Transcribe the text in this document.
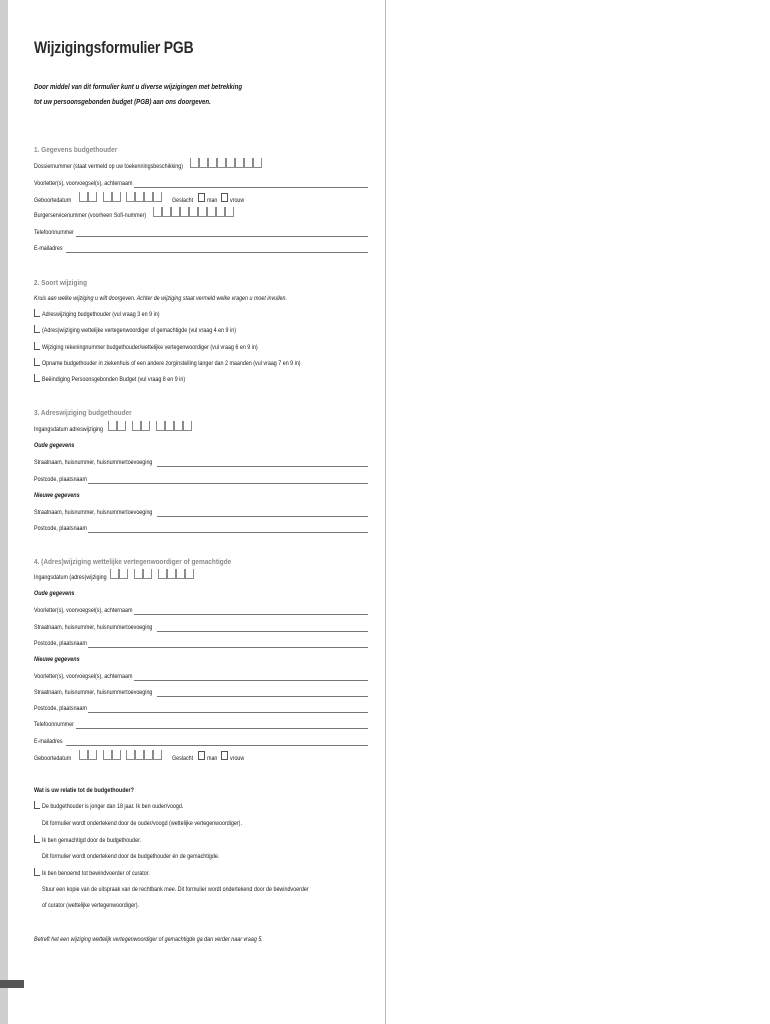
Wijzigingsformulier PGB
Door middel van dit formulier kunt u diverse wijzigingen met betrekking
tot uw persoonsgebonden budget (PGB) aan ons doorgeven.
1. Gegevens budgethouder
Dossiernummer (staat vermeld op uw toekenningsbeschikking)
Voorletter(s), voorvoegsel(s), achternaam
Geboortedatum	Geslacht man vrouw
Burgerservicenummer (voorheen Sofi-nummer)
Telefoonnummer
E-mailadres
2. Soort wijziging
Kruis aan welke wijziging u wilt doorgeven. Achter de wijziging staat vermeld welke vragen u moet invullen.
Adreswijziging budgethouder (vul vraag 3 en 9 in)
(Adres)wijziging wettelijke vertegenwoordiger of gemachtigde (vul vraag 4 en 9 in)
Wijziging rekeningnummer budgethouder/wettelijke vertegenwoordiger (vul vraag 6 en 9 in)
Opname budgethouder in ziekenhuis of een andere zorginstelling langer dan 2 maanden (vul vraag 7 en 9 in)
Beëindiging Persoonsgebonden Budget (vul vraag 8 en 9 in)
3. Adreswijziging budgethouder
Ingangsdatum adreswijziging
Oude gegevens
Straatnaam, huisnummer, huisnummertoevoeging
Postcode, plaatsnaam
Nieuwe gegevens
Straatnaam, huisnummer, huisnummertoevoeging
Postcode, plaatsnaam
4. (Adres)wijziging wettelijke vertegenwoordiger of gemachtigde
Ingangsdatum (adres)wijziging
Oude gegevens
Voorletter(s), voorvoegsel(s), achternaam
Straatnaam, huisnummer, huisnummertoevoeging
Postcode, plaatsnaam
Nieuwe gegevens
Voorletter(s), voorvoegsel(s), achternaam
Straatnaam, huisnummer, huisnummertoevoeging
Postcode, plaatsnaam
Telefoonnummer
E-mailadres
Geboortedatum	Geslacht man vrouw
Wat is uw relatie tot de budgethouder?
De budgethouder is jonger dan 18 jaar. Ik ben ouder/voogd.
Dit formulier wordt ondertekend door de ouder/voogd (wettelijke vertegenwoordiger).
Ik ben gemachtigd door de budgethouder.
Dit formulier wordt ondertekend door de budgethouder én de gemachtigde.
Ik ben benoemd tot bewindvoerder of curator.
Stuur een kopie van de uitspraak van de rechtbank mee. Dit formulier wordt ondertekend door de bewindvoerder
of curator (wettelijke vertegenwoordiger).
Betreft het een wijziging wettelijk vertegenwoordiger of gemachtigde ga dan verder naar vraag 5.
